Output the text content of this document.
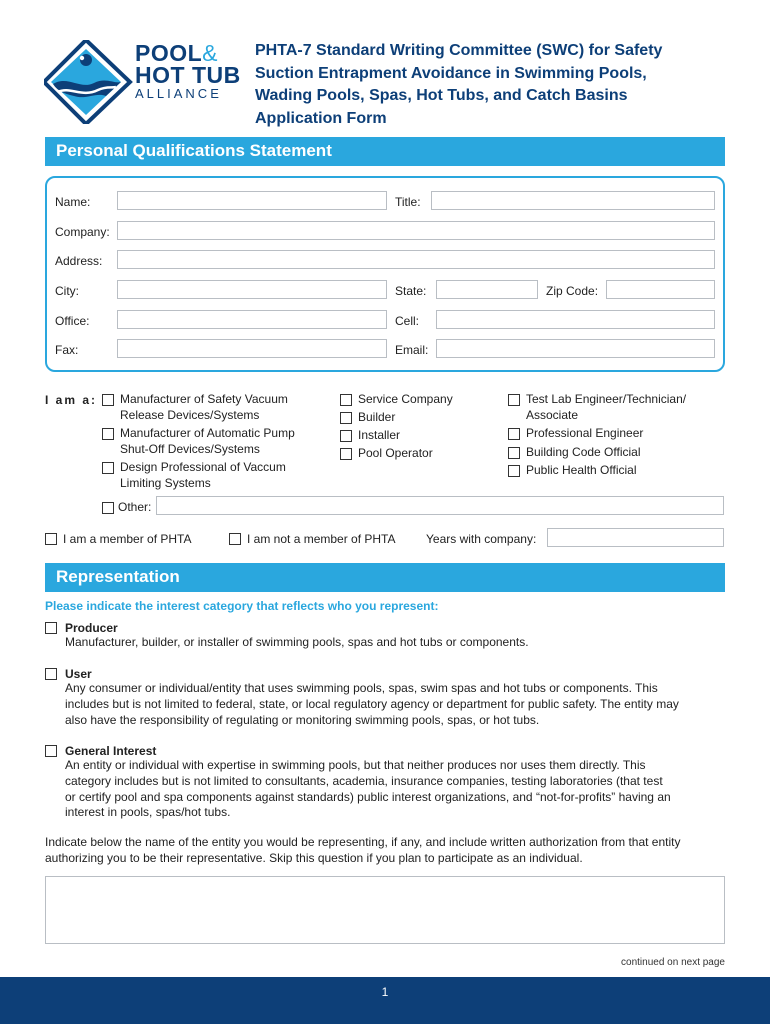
POOL&
HOT TUB
ALLIANCE
PHTA-7 Standard Writing Committee (SWC) for Safety
Suction Entrapment Avoidance in Swimming Pools,
Wading Pools, Spas, Hot Tubs, and Catch Basins
Application Form
Personal Qualifications Statement
Name:	Title:
Company:
Address:
City:	State:	Zip Code:
Office:	Cell:
Fax:	Email:
I am a: Manufacturer of Safety Vacuum
Release Devices/Systems
Manufacturer of Automatic Pump
Shut-Off Devices/Systems
Design Professional of Vaccum
Limiting Systems
Service Company
Builder
Installer
Pool Operator
Test Lab Engineer/Technician/
Associate
Professional Engineer
Building Code Official
Public Health Official
Other:
I am a member of PHTA	I am not a member of PHTA	Years with company:
Representation
Please indicate the interest category that reflects who you represent:
Producer
Manufacturer, builder, or installer of swimming pools, spas and hot tubs or components.
User
Any consumer or individual/entity that uses swimming pools, spas, swim spas and hot tubs or components. This
includes but is not limited to federal, state, or local regulatory agency or department for public safety. The entity may
also have the responsibility of regulating or monitoring swimming pools, spas, or hot tubs.
General Interest
An entity or individual with expertise in swimming pools, but that neither produces nor uses them directly. This
category includes but is not limited to consultants, academia, insurance companies, testing laboratories (that test
or certify pool and spa components against standards) public interest organizations, and “not-for-profits” having an
interest in pools, spas/hot tubs.
Indicate below the name of the entity you would be representing, if any, and include written authorization from that entity
authorizing you to be their representative. Skip this question if you plan to participate as an individual.
continued on next page
1
